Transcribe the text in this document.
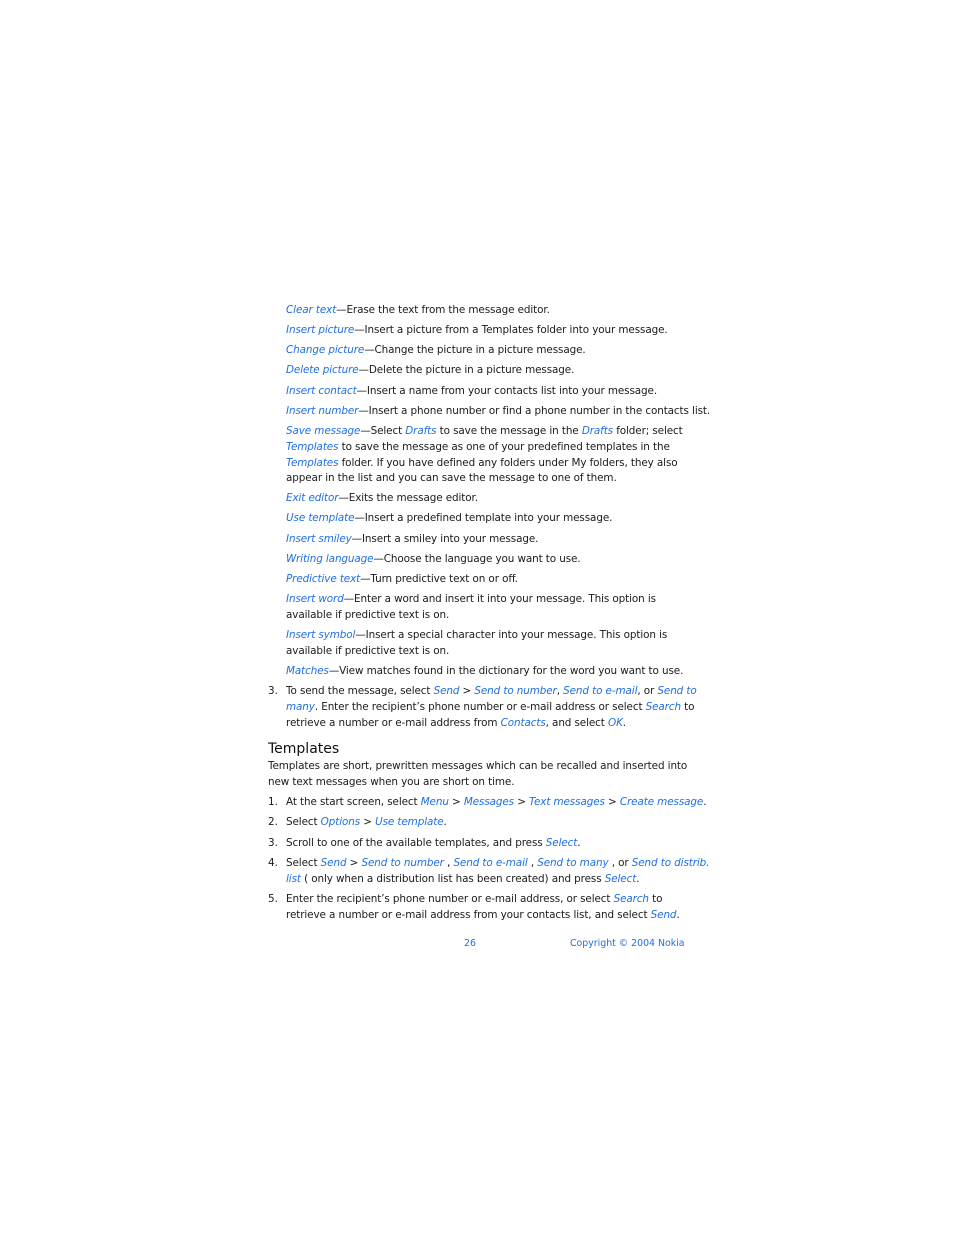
Clear text—Erase the text from the message editor.
Insert picture—Insert a picture from a Templates folder into your message.
Change picture—Change the picture in a picture message.
Delete picture—Delete the picture in a picture message.
Insert contact—Insert a name from your contacts list into your message.
Insert number—Insert a phone number or find a phone number in the contacts list.
Save message—Select Drafts to save the message in the Drafts folder; select
Templates to save the message as one of your predefined templates in the
Templates folder. If you have defined any folders under My folders, they also
appear in the list and you can save the message to one of them.
Exit editor—Exits the message editor.
Use template—Insert a predefined template into your message.
Insert smiley—Insert a smiley into your message.
Writing language—Choose the language you want to use.
Predictive text—Turn predictive text on or off.
Insert word—Enter a word and insert it into your message. This option is
available if predictive text is on.
Insert symbol—Insert a special character into your message. This option is
available if predictive text is on.
Matches—View matches found in the dictionary for the word you want to use.
3. To send the message, select Send > Send to number, Send to e-mail, or Send to
many. Enter the recipient’s phone number or e-mail address or select Search to
retrieve a number or e-mail address from Contacts, and select OK.
Templates
Templates are short, prewritten messages which can be recalled and inserted into
new text messages when you are short on time.
1. At the start screen, select Menu > Messages > Text messages > Create message.
2. Select Options > Use template.
3. Scroll to one of the available templates, and press Select.
4. Select Send > Send to number , Send to e-mail , Send to many , or Send to distrib.
list ( only when a distribution list has been created) and press Select.
5. Enter the recipient’s phone number or e-mail address, or select Search to
retrieve a number or e-mail address from your contacts list, and select Send.
26	Copyright © 2004 Nokia
